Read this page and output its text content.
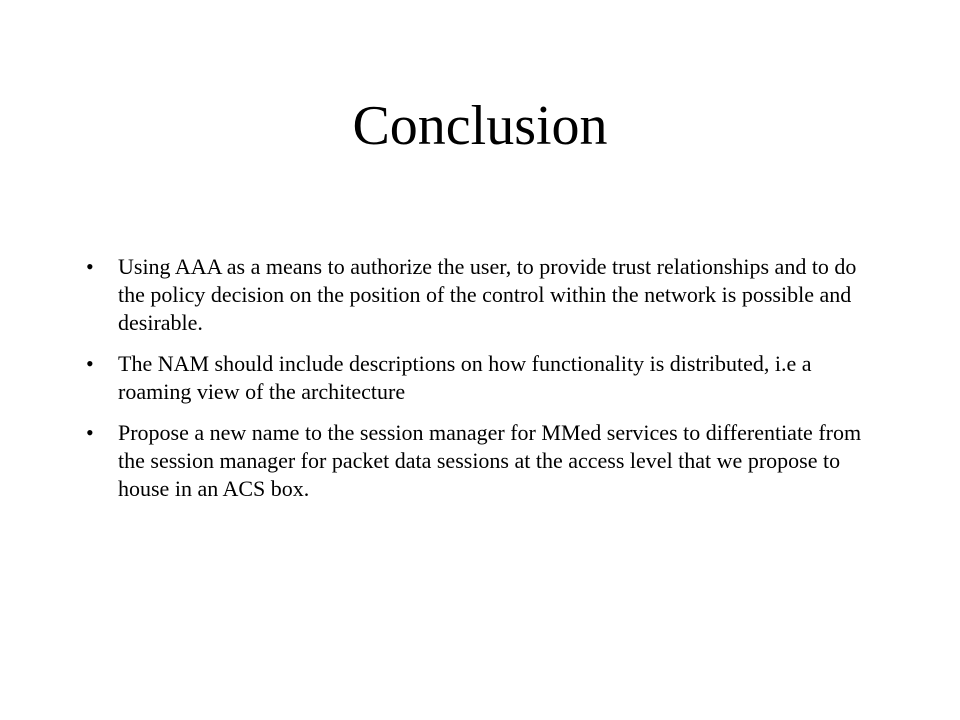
Conclusion
•	Using AAA as a means to authorize the user, to provide trust relationships and to do the policy decision on the position of the control within the network is possible and desirable.
•	The NAM should include descriptions on how functionality is distributed, i.e a roaming view of the architecture
•	Propose a new name to the session manager for MMed services to differentiate from the session manager for packet data sessions at the access level that we propose to house in an ACS box.
